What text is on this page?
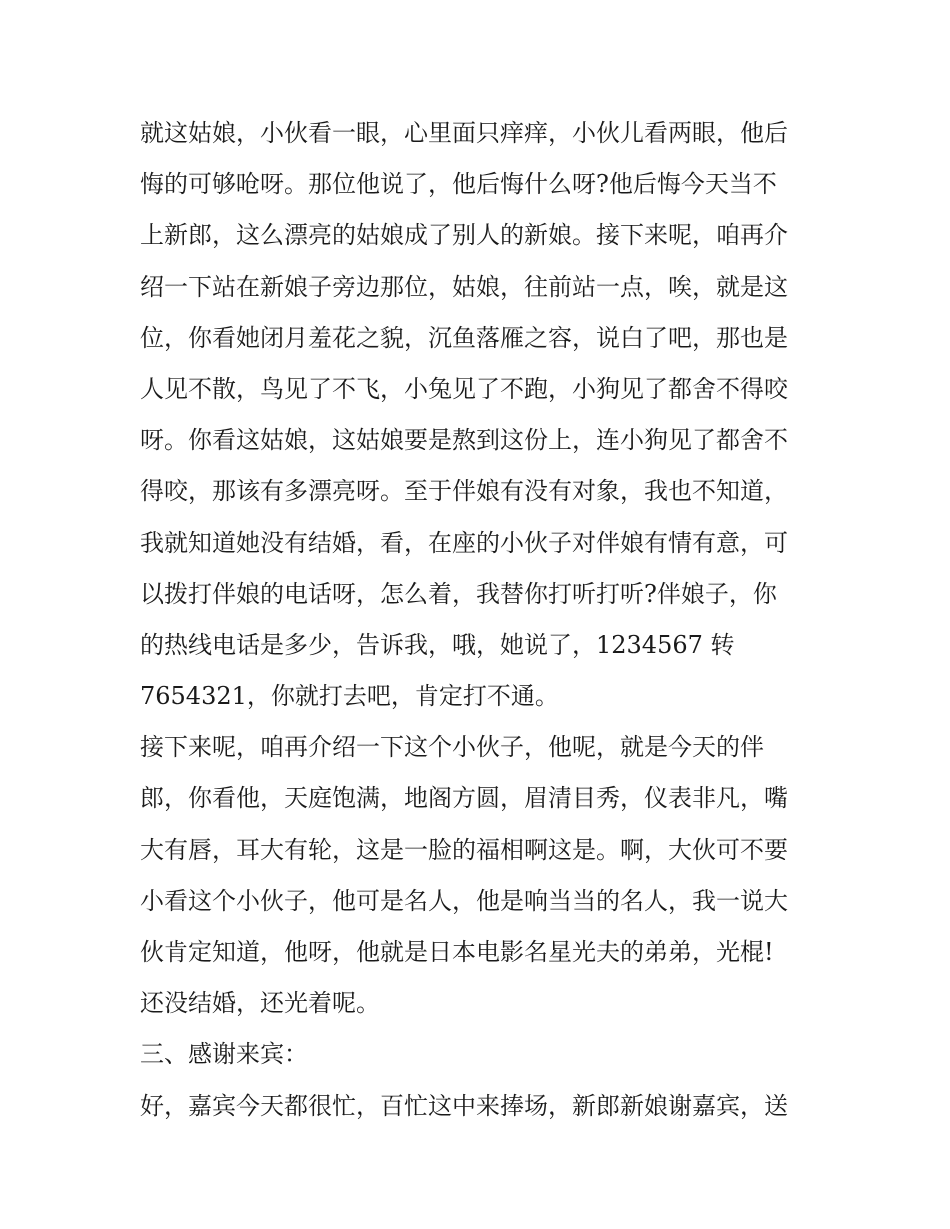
就这姑娘，小伙看一眼，心里面只痒痒，小伙儿看两眼，他后
悔的可够呛呀。那位他说了，他后悔什么呀?他后悔今天当不
上新郎，这么漂亮的姑娘成了别人的新娘。接下来呢，咱再介
绍一下站在新娘子旁边那位，姑娘，往前站一点，唉，就是这
位，你看她闭月羞花之貌，沉鱼落雁之容，说白了吧，那也是
人见不散，鸟见了不飞，小兔见了不跑，小狗见了都舍不得咬
呀。你看这姑娘，这姑娘要是熬到这份上，连小狗见了都舍不
得咬，那该有多漂亮呀。至于伴娘有没有对象，我也不知道，
我就知道她没有结婚，看，在座的小伙子对伴娘有情有意，可
以拨打伴娘的电话呀，怎么着，我替你打听打听?伴娘子，你
的热线电话是多少，告诉我，哦，她说了，1234567 转
7654321，你就打去吧，肯定打不通。
接下来呢，咱再介绍一下这个小伙子，他呢，就是今天的伴
郎，你看他，天庭饱满，地阁方圆，眉清目秀，仪表非凡，嘴
大有唇，耳大有轮，这是一脸的福相啊这是。啊，大伙可不要
小看这个小伙子，他可是名人，他是响当当的名人，我一说大
伙肯定知道，他呀，他就是日本电影名星光夫的弟弟，光棍!
还没结婚，还光着呢。
三、感谢来宾：
好，嘉宾今天都很忙，百忙这中来捧场，新郎新娘谢嘉宾，送
